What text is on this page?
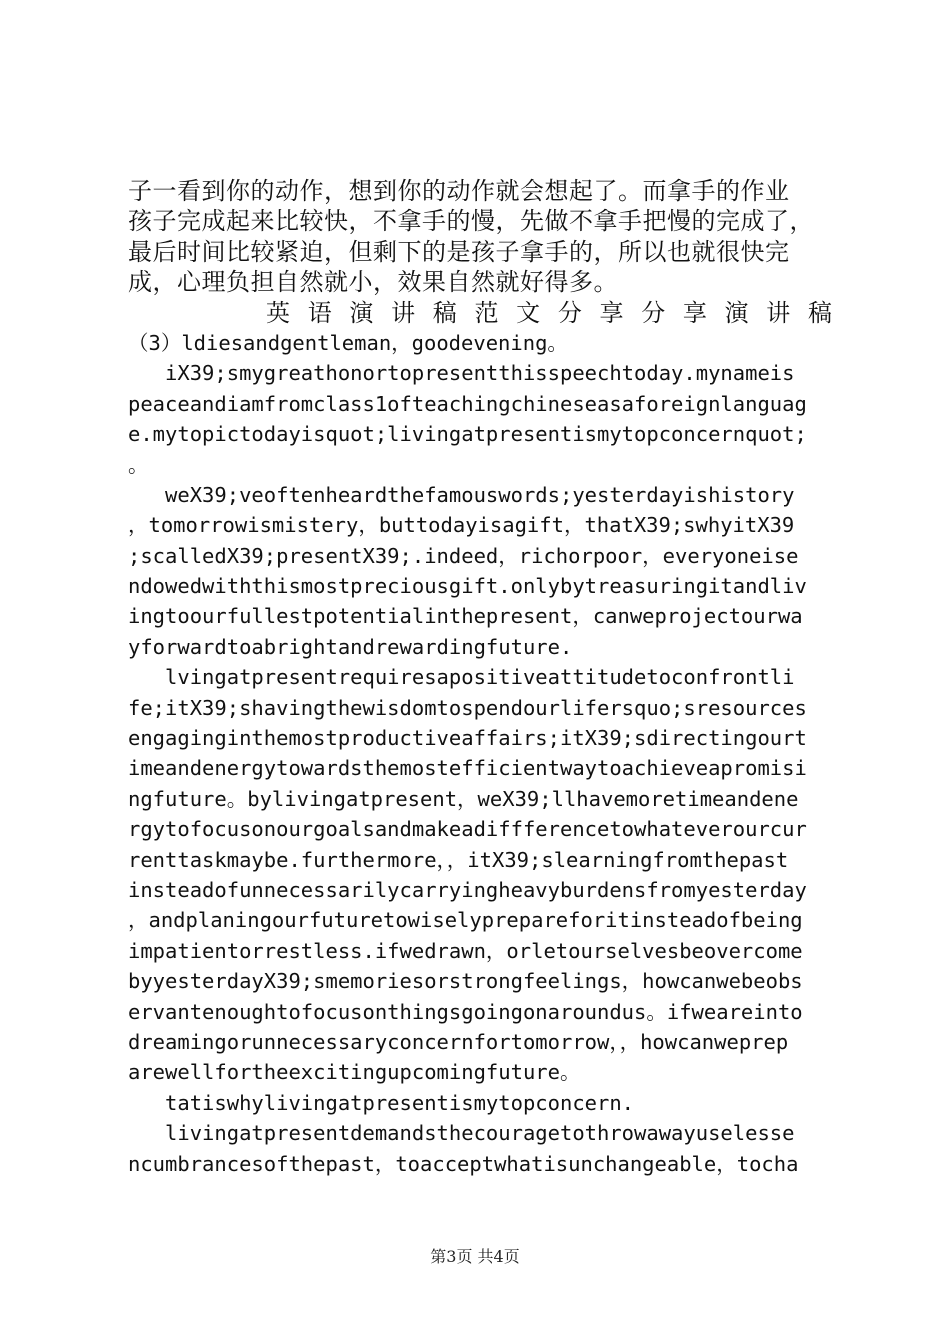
子一看到你的动作，想到你的动作就会想起了。而拿手的作业
孩子完成起来比较快，不拿手的慢，先做不拿手把慢的完成了，
最后时间比较紧迫，但剩下的是孩子拿手的，所以也就很快完
成，心理负担自然就小，效果自然就好得多。
英 语 演 讲 稿 范 文 分 享 分 享 演 讲 稿
（3）ldiesandgentleman，goodevening。
iX39;smygreathonortopresentthisspeechtoday.mynameis
peaceandiamfromclass1ofteachingchineseasaforeignlanguag
e.mytopictodayisquot;livingatpresentismytopconcernquot;
。
weX39;veoftenheardthefamouswords;yesterdayishistory
，tomorrowismistery，buttodayisagift，thatX39;swhyitX39
;scalledX39;presentX39;.indeed，richorpoor，everyoneise
ndowedwiththismostpreciousgift.onlybytreasuringitandliv
ingtoourfullestpotentialinthepresent，canweprojectourwa
yforwardtoabrightandrewardingfuture.
lvingatpresentrequiresapositiveattitudetoconfrontli
fe;itX39;shavingthewisdomtospendourlifersquo;sresources
engaginginthemostproductiveaffairs;itX39;sdirectingourt
imeandenergytowardsthemostefficientwaytoachieveapromisi
ngfuture。bylivingatpresent，weX39;llhavemoretimeandene
rgytofocusonourgoalsandmakeadiffferencetowhateverourcur
renttaskmaybe.furthermore，，itX39;slearningfromthepast
insteadofunnecessarilycarryingheavyburdensfromyesterday
，andplaningourfuturetowiselyprepareforitinsteadofbeing
impatientorrestless.ifwedrawn，orletourselvesbeovercome
byyesterdayX39;smemoriesorstrongfeelings，howcanwebeobs
ervantenoughtofocusonthingsgoingonaroundus。ifweareinto
dreamingorunnecessaryconcernfortomorrow，，howcanweprep
arewellfortheexcitingupcomingfuture。
tatiswhylivingatpresentismytopconcern.
livingatpresentdemandsthecouragetothrowawayuselesse
ncumbrancesofthepast，toacceptwhatisunchangeable，tocha
第3页 共4页
